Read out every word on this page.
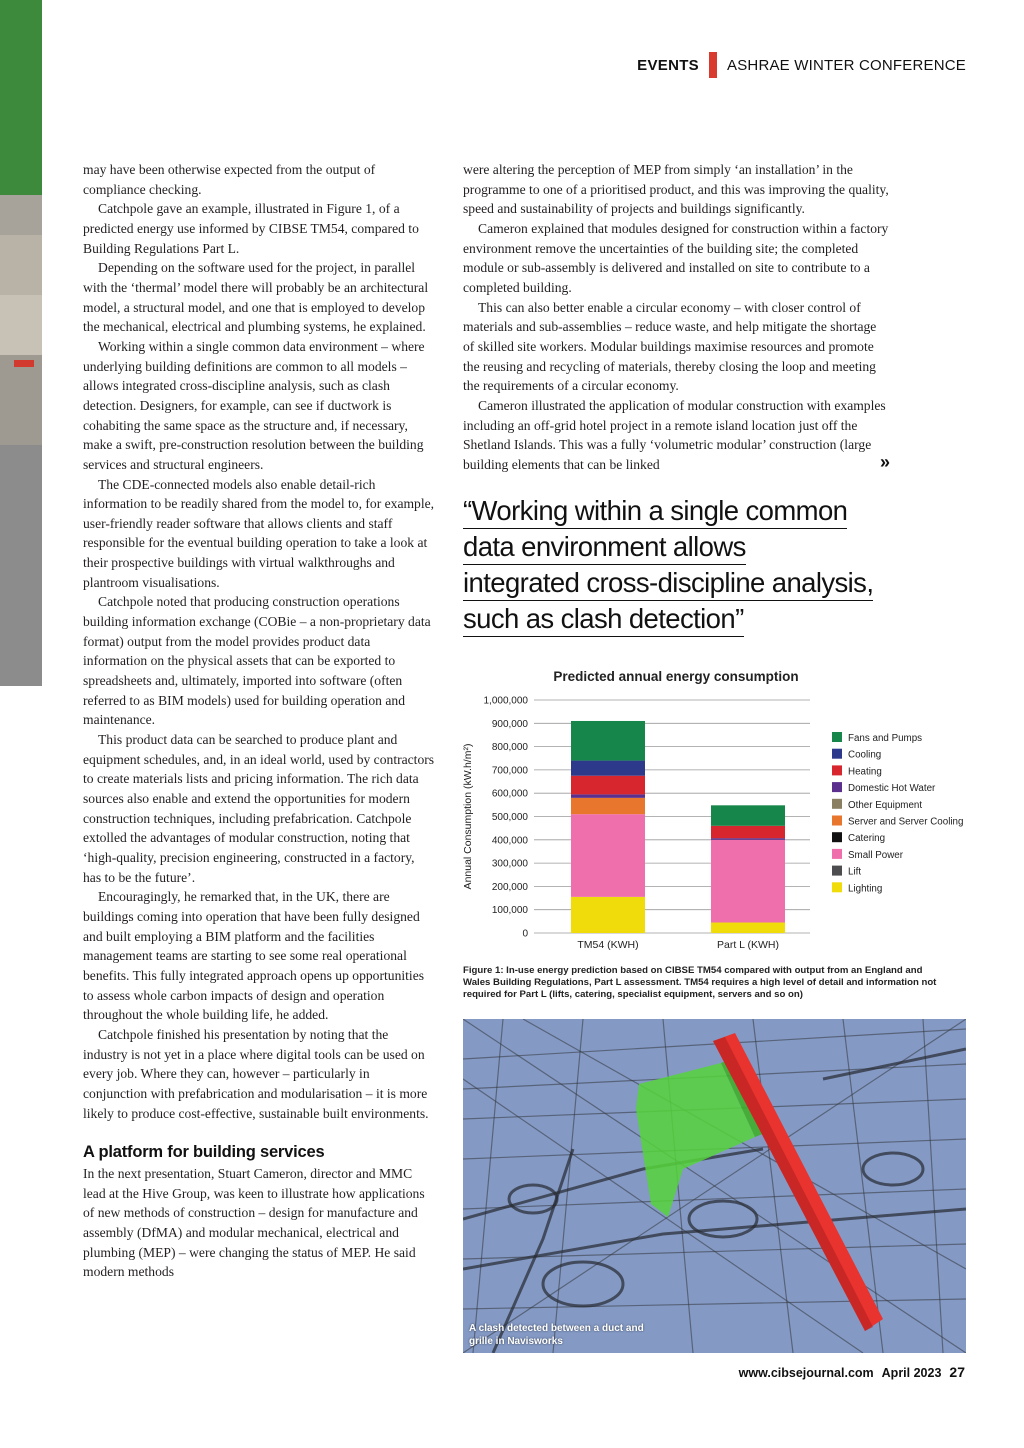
EVENTS ASHRAE WINTER CONFERENCE

may have been otherwise expected from the output of compliance checking.

Catchpole gave an example, illustrated in Figure 1, of a predicted energy use informed by CIBSE TM54, compared to Building Regulations Part L.

Depending on the software used for the project, in parallel with the ‘thermal’ model there will probably be an architectural model, a structural model, and one that is employed to develop the mechanical, electrical and plumbing systems, he explained.

Working within a single common data environment – where underlying building definitions are common to all models – allows integrated cross-discipline analysis, such as clash detection. Designers, for example, can see if ductwork is cohabiting the same space as the structure and, if necessary, make a swift, pre-construction resolution between the building services and structural engineers.

The CDE-connected models also enable detail-rich information to be readily shared from the model to, for example, user-friendly reader software that allows clients and staff responsible for the eventual building operation to take a look at their prospective buildings with virtual walkthroughs and plantroom visualisations.

Catchpole noted that producing construction operations building information exchange (COBie – a non-proprietary data format) output from the model provides product data information on the physical assets that can be exported to spreadsheets and, ultimately, imported into software (often referred to as BIM models) used for building operation and maintenance.

This product data can be searched to produce plant and equipment schedules, and, in an ideal world, used by contractors to create materials lists and pricing information. The rich data sources also enable and extend the opportunities for modern construction techniques, including prefabrication. Catchpole extolled the advantages of modular construction, noting that ‘high-quality, precision engineering, constructed in a factory, has to be the future’.

Encouragingly, he remarked that, in the UK, there are buildings coming into operation that have been fully designed and built employing a BIM platform and the facilities management teams are starting to see some real operational benefits. This fully integrated approach opens up opportunities to assess whole carbon impacts of design and operation throughout the whole building life, he added.

Catchpole finished his presentation by noting that the industry is not yet in a place where digital tools can be used on every job. Where they can, however – particularly in conjunction with prefabrication and modularisation – it is more likely to produce cost-effective, sustainable built environments.

A platform for building services

In the next presentation, Stuart Cameron, director and MMC lead at the Hive Group, was keen to illustrate how applications of new methods of construction – design for manufacture and assembly (DfMA) and modular mechanical, electrical and plumbing (MEP) – were changing the status of MEP. He said modern methods

were altering the perception of MEP from simply ‘an installation’ in the programme to one of a prioritised product, and this was improving the quality, speed and sustainability of projects and buildings significantly.

Cameron explained that modules designed for construction within a factory environment remove the uncertainties of the building site; the completed module or sub-assembly is delivered and installed on site to contribute to a completed building.

This can also better enable a circular economy – with closer control of materials and sub-assemblies – reduce waste, and help mitigate the shortage of skilled site workers. Modular buildings maximise resources and promote the reusing and recycling of materials, thereby closing the loop and meeting the requirements of a circular economy.

Cameron illustrated the application of modular construction with examples including an off-grid hotel project in a remote island location just off the Shetland Islands. This was a fully ‘volumetric modular’ construction (large building elements that can be linked	»
“Working within a single common
data environment allows
integrated cross-discipline analysis,
such as clash detection”
Predicted annual energy consumption
0
100,000
200,000
300,000
400,000
500,000
600,000
700,000
800,000
900,000
1,000,000
Annual Consumption (kW.h/m²)
TM54 (KWH)	Part L (KWH)
Fans and Pumps
Cooling
Heating
Domestic Hot Water
Other Equipment
Server and Server Cooling
Catering
Small Power
Lift
Lighting
Figure 1: In-use energy prediction based on CIBSE TM54 compared with output from an England and Wales Building Regulations, Part L assessment. TM54 requires a high level of detail and information not required for Part L (lifts, catering, specialist equipment, servers and so on)
A clash detected between a duct and grille in Navisworks
www.cibsejournal.com April 2023 27
